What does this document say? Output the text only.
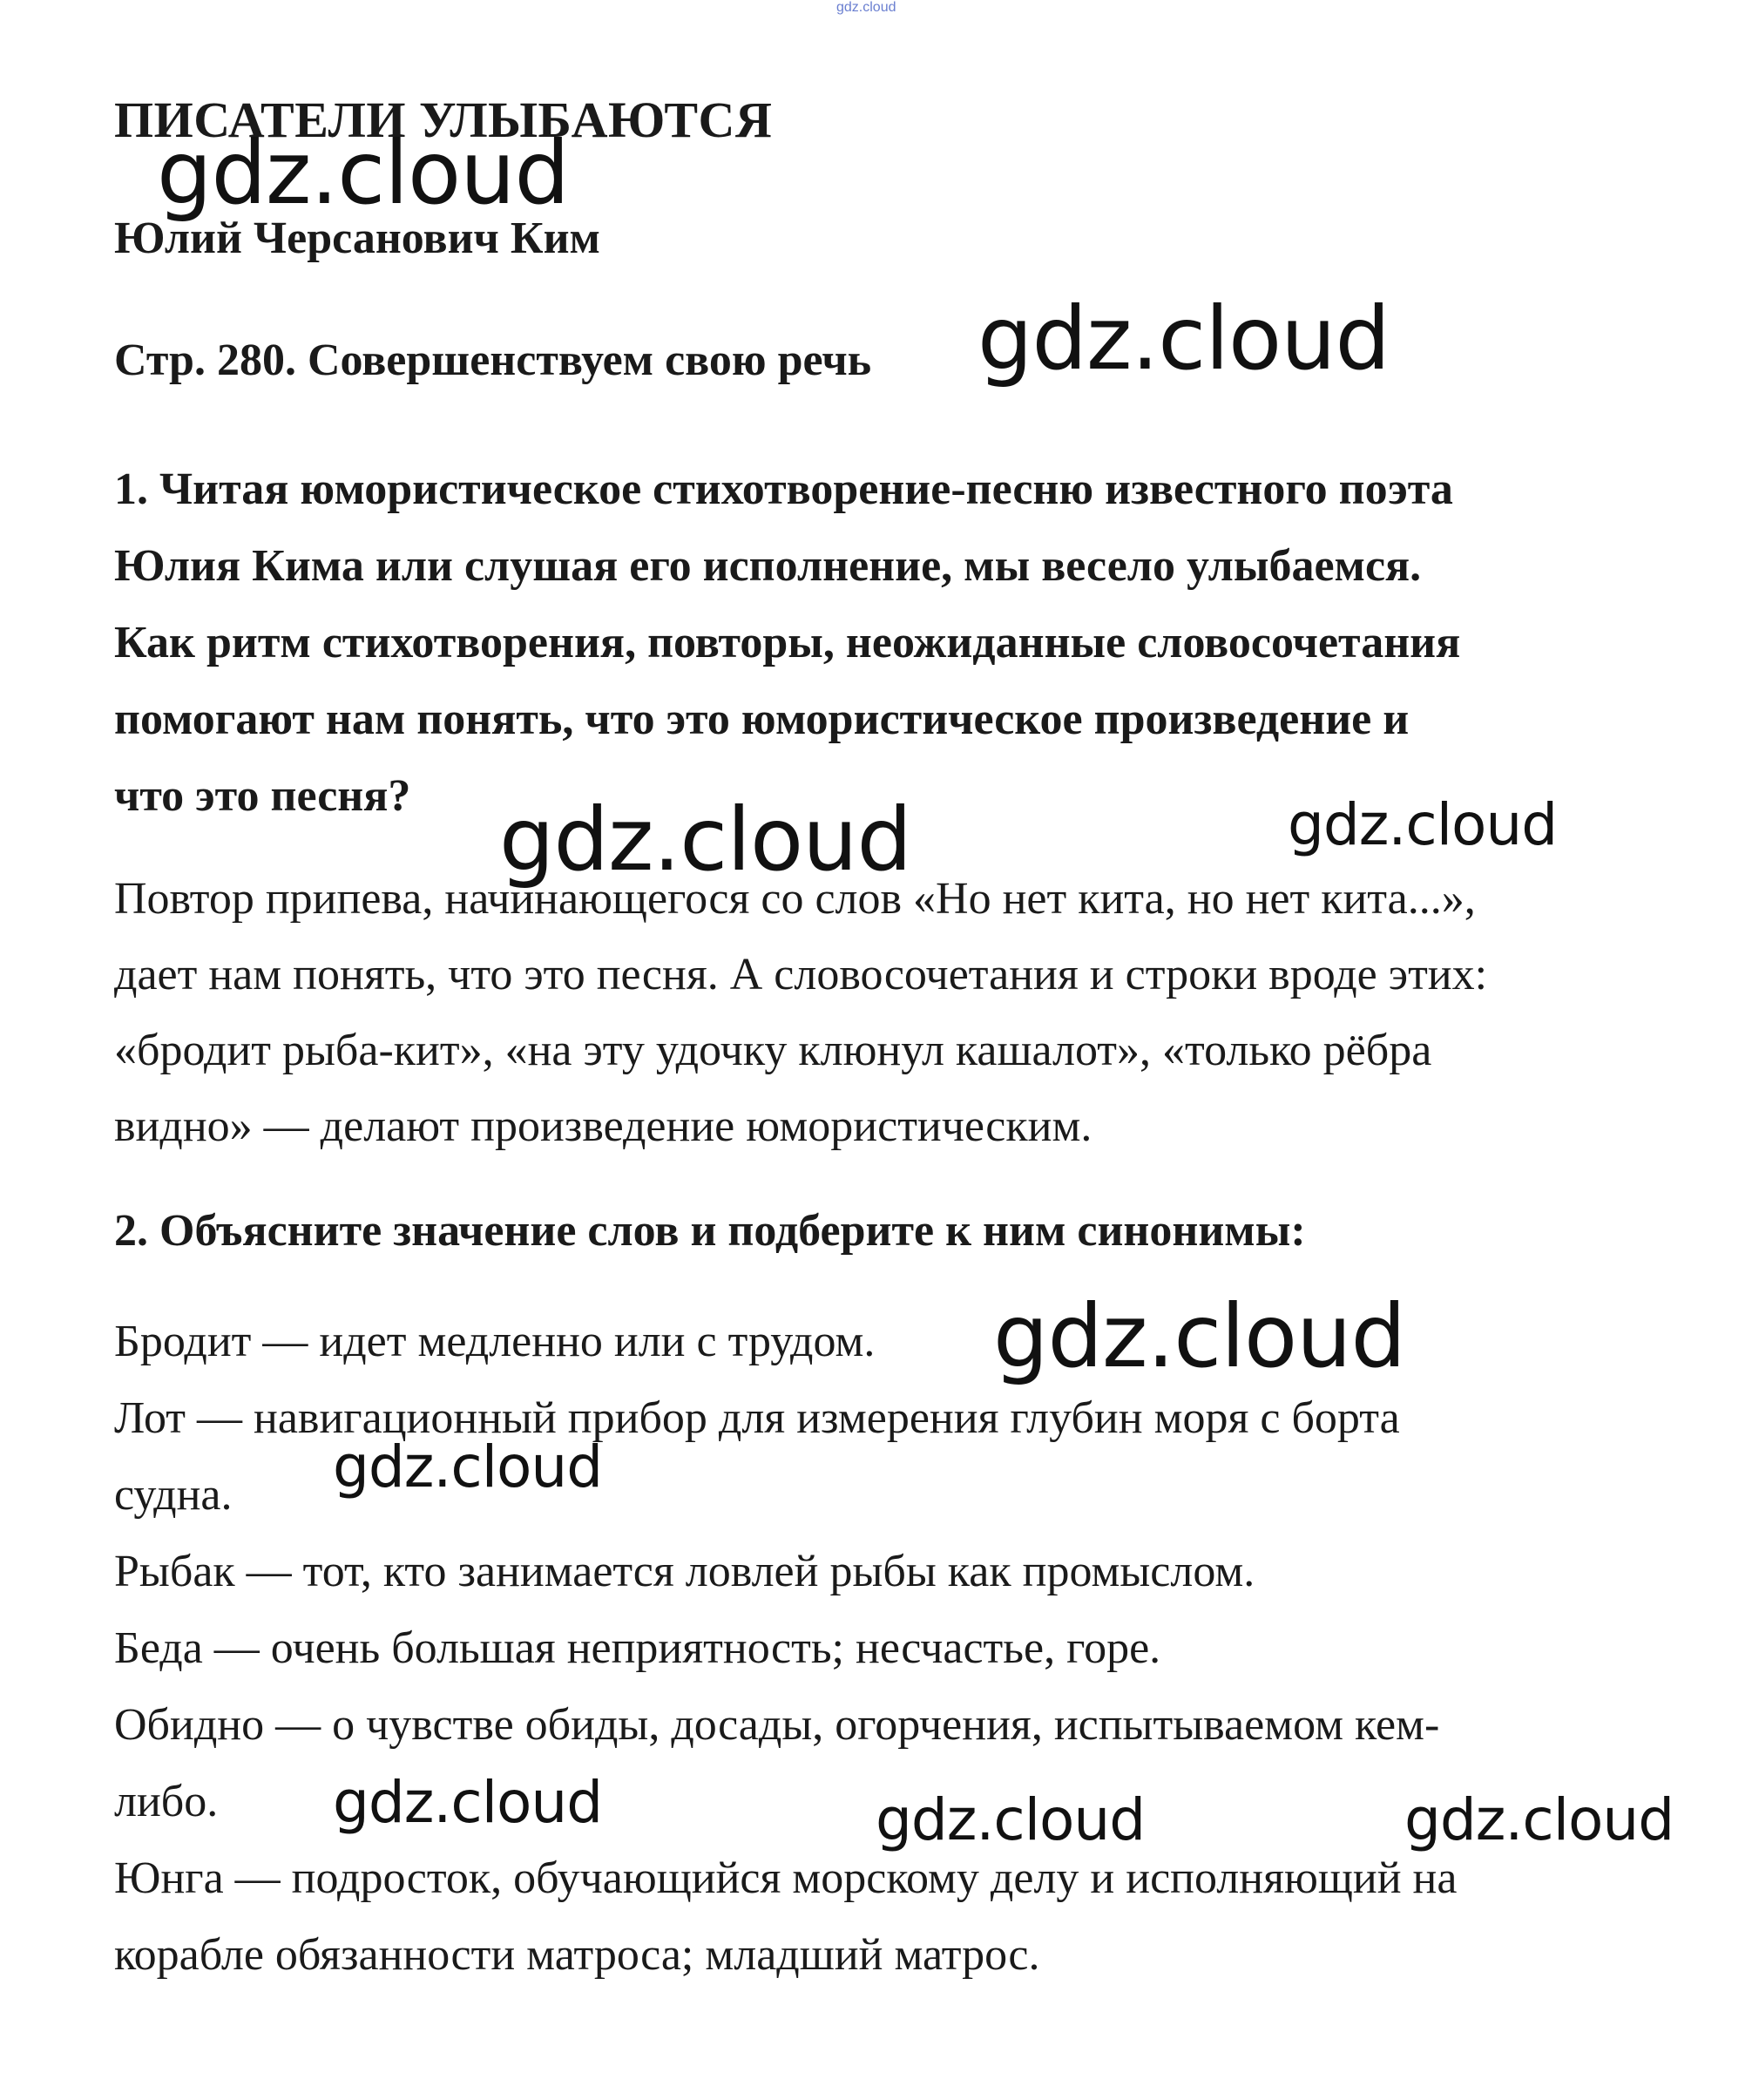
gdz.cloud
ПИСАТЕЛИ УЛЫБАЮТСЯ
Юлий Черсанович Ким
Стр. 280. Совершенствуем свою речь
1. Читая юмористическое стихотворение-песню известного поэта
Юлия Кима или слушая его исполнение, мы весело улыбаемся.
Как ритм стихотворения, повторы, неожиданные словосочетания
помогают нам понять, что это юмористическое произведение и
что это песня?
Повтор припева, начинающегося со слов «Но нет кита, но нет кита...»,
дает нам понять, что это песня. А словосочетания и строки вроде этих:
«бродит рыба-кит», «на эту удочку клюнул кашалот», «только рёбра
видно» — делают произведение юмористическим.
2. Объясните значение слов и подберите к ним синонимы:
Бродит — идет медленно или с трудом.
Лот — навигационный прибор для измерения глубин моря с борта
судна.
Рыбак — тот, кто занимается ловлей рыбы как промыслом.
Беда — очень большая неприятность; несчастье, горе.
Обидно — о чувстве обиды, досады, огорчения, испытываемом кем-
либо.
Юнга — подросток, обучающийся морскому делу и исполняющий на
корабле обязанности матроса; младший матрос.
gdz.cloud
gdz.cloud
gdz.cloud	gdz.cloud
gdz.cloud
gdz.cloud
gdz.cloud	gdz.cloud	gdz.cloud
